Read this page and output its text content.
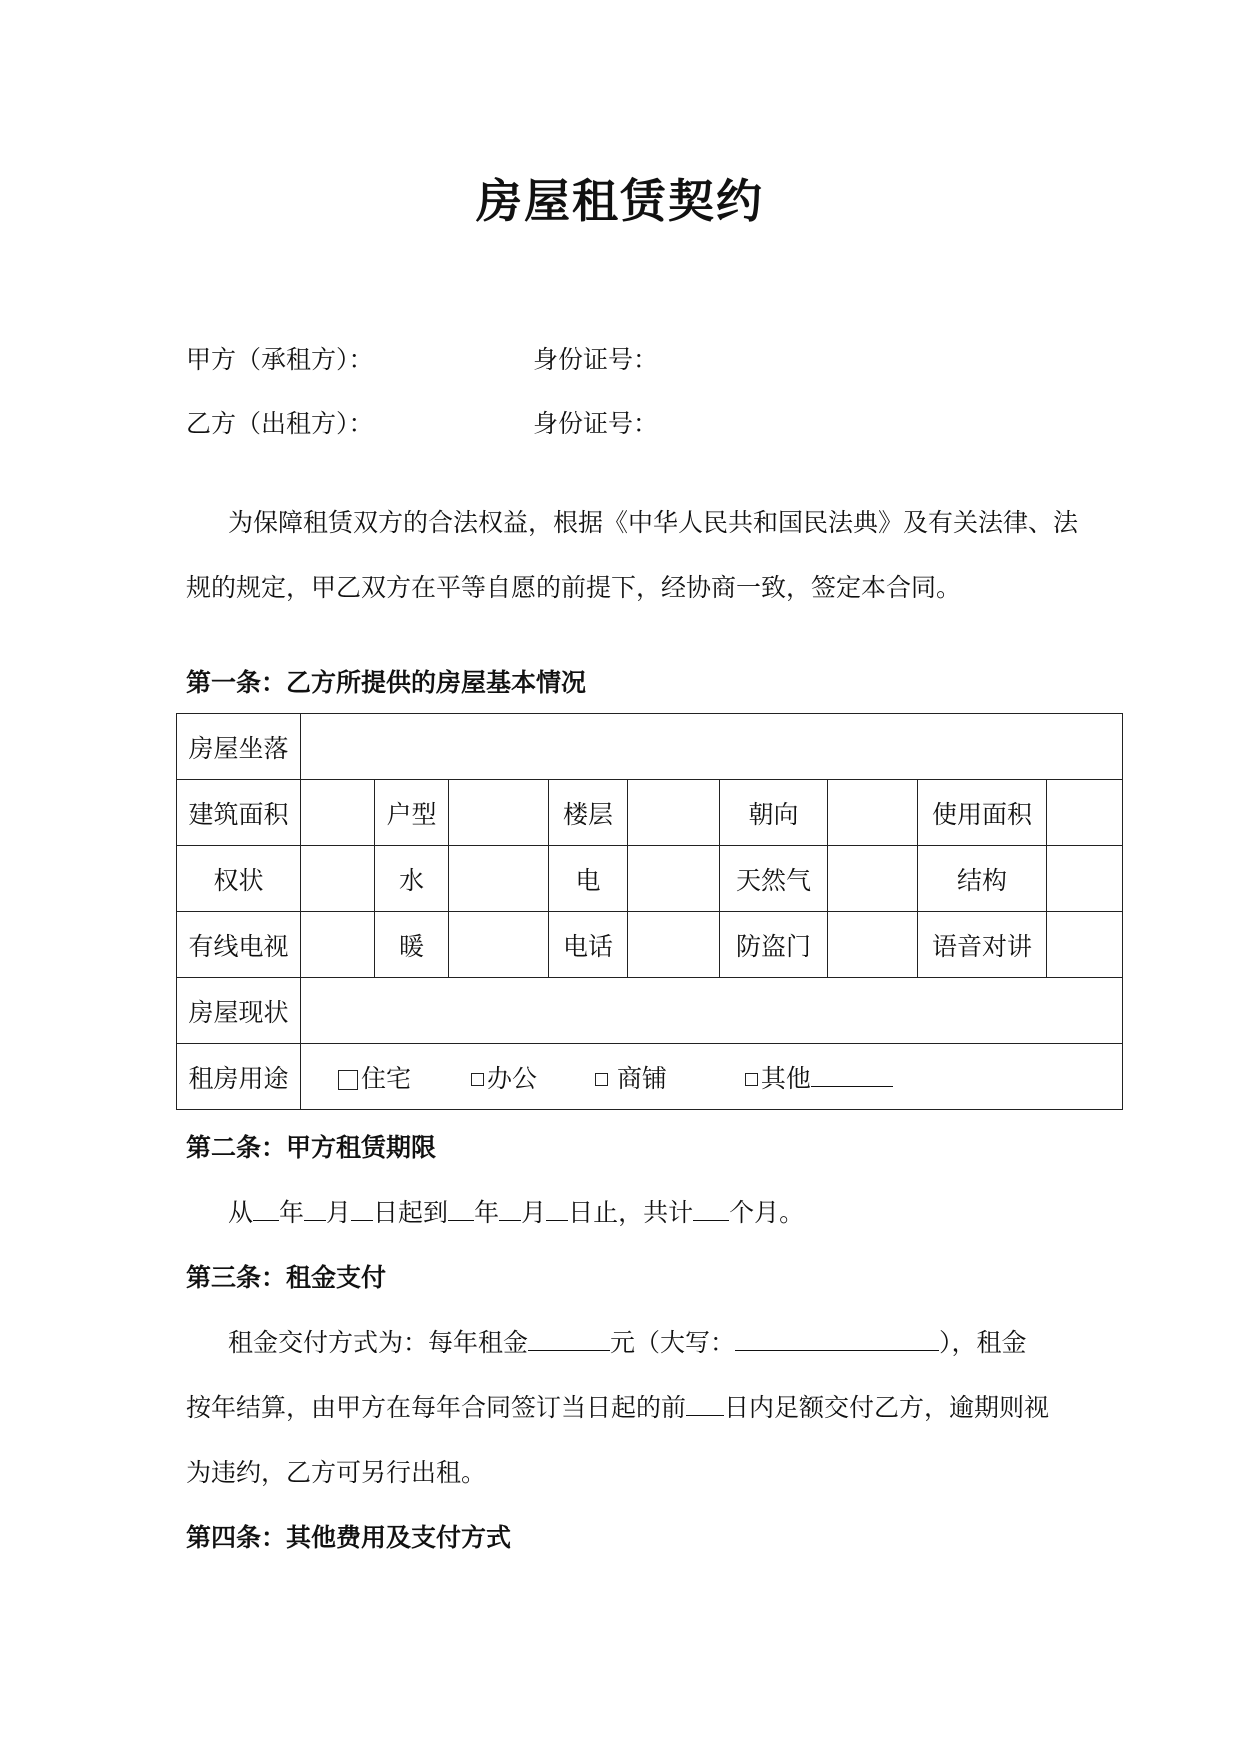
房屋租赁契约
甲方（承租方）：	身份证号：
乙方（出租方）：	身份证号：
为保障租赁双方的合法权益，根据《中华人民共和国民法典》及有关法律、法
规的规定，甲乙双方在平等自愿的前提下，经协商一致，签定本合同。
第一条：乙方所提供的房屋基本情况
房屋坐落									
建筑面积		户型		楼层		朝向		使用面积	
权状		水		电		天然气		结构	
有线电视		暖		电话		防盗门		语音对讲	
房屋现状									
租房用途	住宅 办公 商铺 其他								
第二条：甲方租赁期限
从 年 月 日起到 年 月 日止，共计 个月。
第三条：租金支付
租金交付方式为：每年租金	元（大写：	），租金
按年结算，由甲方在每年合同签订当日起的前 日内足额交付乙方，逾期则视
为违约，乙方可另行出租。
第四条：其他费用及支付方式
